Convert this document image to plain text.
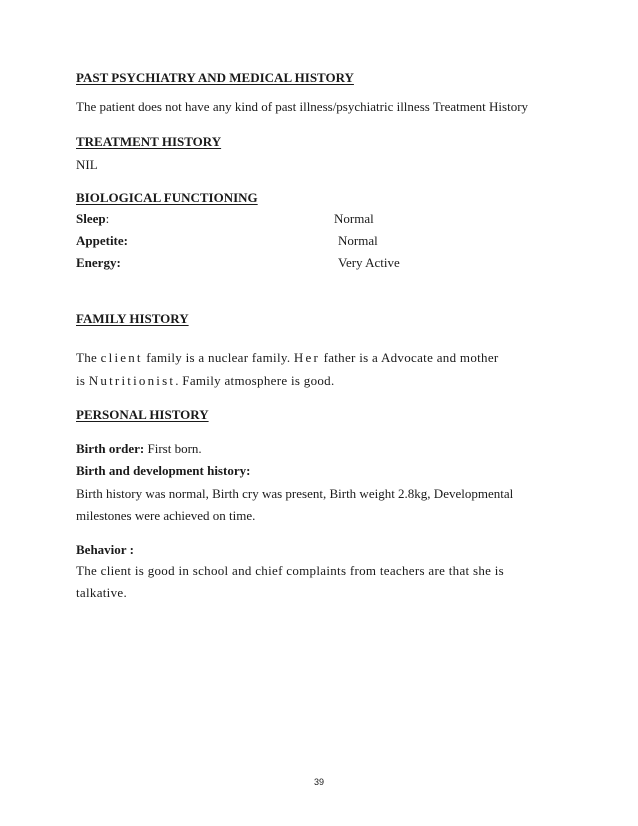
PAST PSYCHIATRY AND MEDICAL HISTORY
The patient does not have any kind of past illness/psychiatric illness Treatment History
TREATMENT HISTORY
NIL
BIOLOGICAL FUNCTIONING
Sleep:	Normal
Appetite:	Normal
Energy:	Very Active
FAMILY HISTORY
The client family is a nuclear family. Her father is a Advocate and mother
is Nutritionist. Family atmosphere is good.
PERSONAL HISTORY
Birth order: First born.
Birth and development history:
Birth history was normal, Birth cry was present, Birth weight 2.8kg, Developmental
milestones were achieved on time.
Behavior :
The client is good in school and chief complaints from teachers are that she is
talkative.
39
